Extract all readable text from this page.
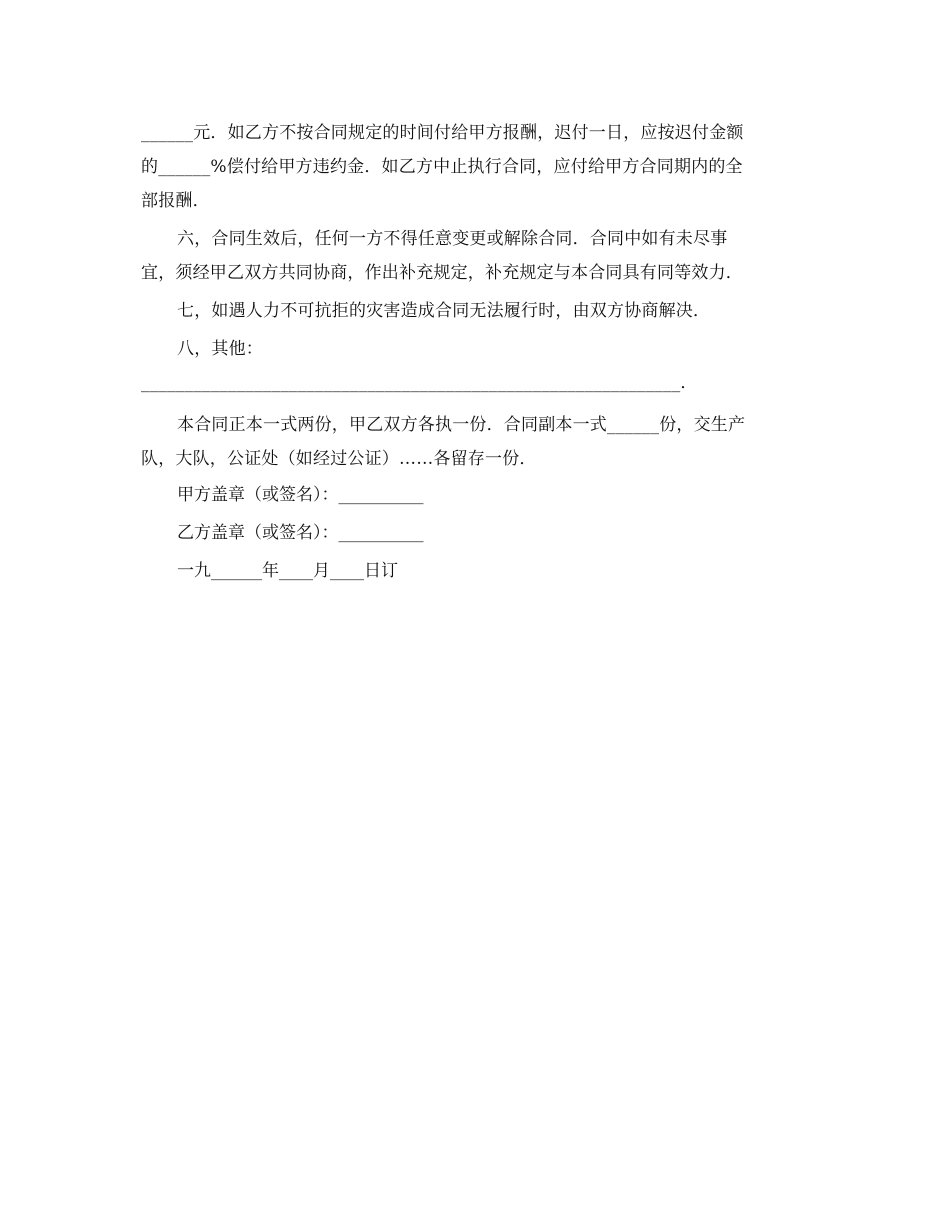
______元．如乙方不按合同规定的时间付给甲方报酬，迟付一日，应按迟付金额
的______%偿付给甲方违约金．如乙方中止执行合同，应付给甲方合同期内的全
部报酬．
六，合同生效后，任何一方不得任意变更或解除合同．合同中如有未尽事
宜，须经甲乙双方共同协商，作出补充规定，补充规定与本合同具有同等效力．
七，如遇人力不可抗拒的灾害造成合同无法履行时，由双方协商解决．
八，其他：
______________________________________________________________．
本合同正本一式两份，甲乙双方各执一份．合同副本一式______份，交生产
队，大队，公证处（如经过公证）……各留存一份．
甲方盖章（或签名）：__________
乙方盖章（或签名）：__________
一九______年____月____日订
